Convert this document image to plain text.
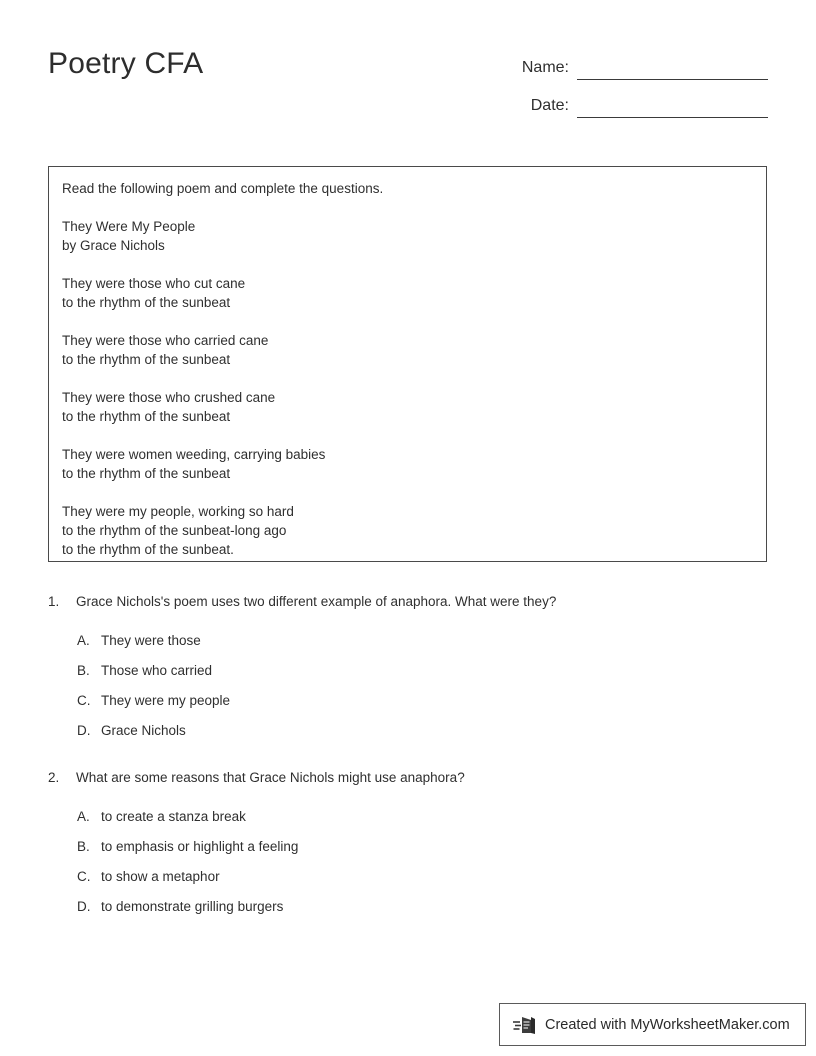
Poetry CFA	Name:
Date:
Read the following poem and complete the questions.
They Were My People
by Grace Nichols
They were those who cut cane
to the rhythm of the sunbeat
They were those who carried cane
to the rhythm of the sunbeat
They were those who crushed cane
to the rhythm of the sunbeat
They were women weeding, carrying babies
to the rhythm of the sunbeat
They were my people, working so hard
to the rhythm of the sunbeat-long ago
to the rhythm of the sunbeat.
1.	Grace Nichols's poem uses two different example of anaphora. What were they?
A. They were those
B. Those who carried
C. They were my people
D. Grace Nichols
2.	What are some reasons that Grace Nichols might use anaphora?
A. to create a stanza break
B. to emphasis or highlight a feeling
C. to show a metaphor
D. to demonstrate grilling burgers
Created with MyWorksheetMaker.com
